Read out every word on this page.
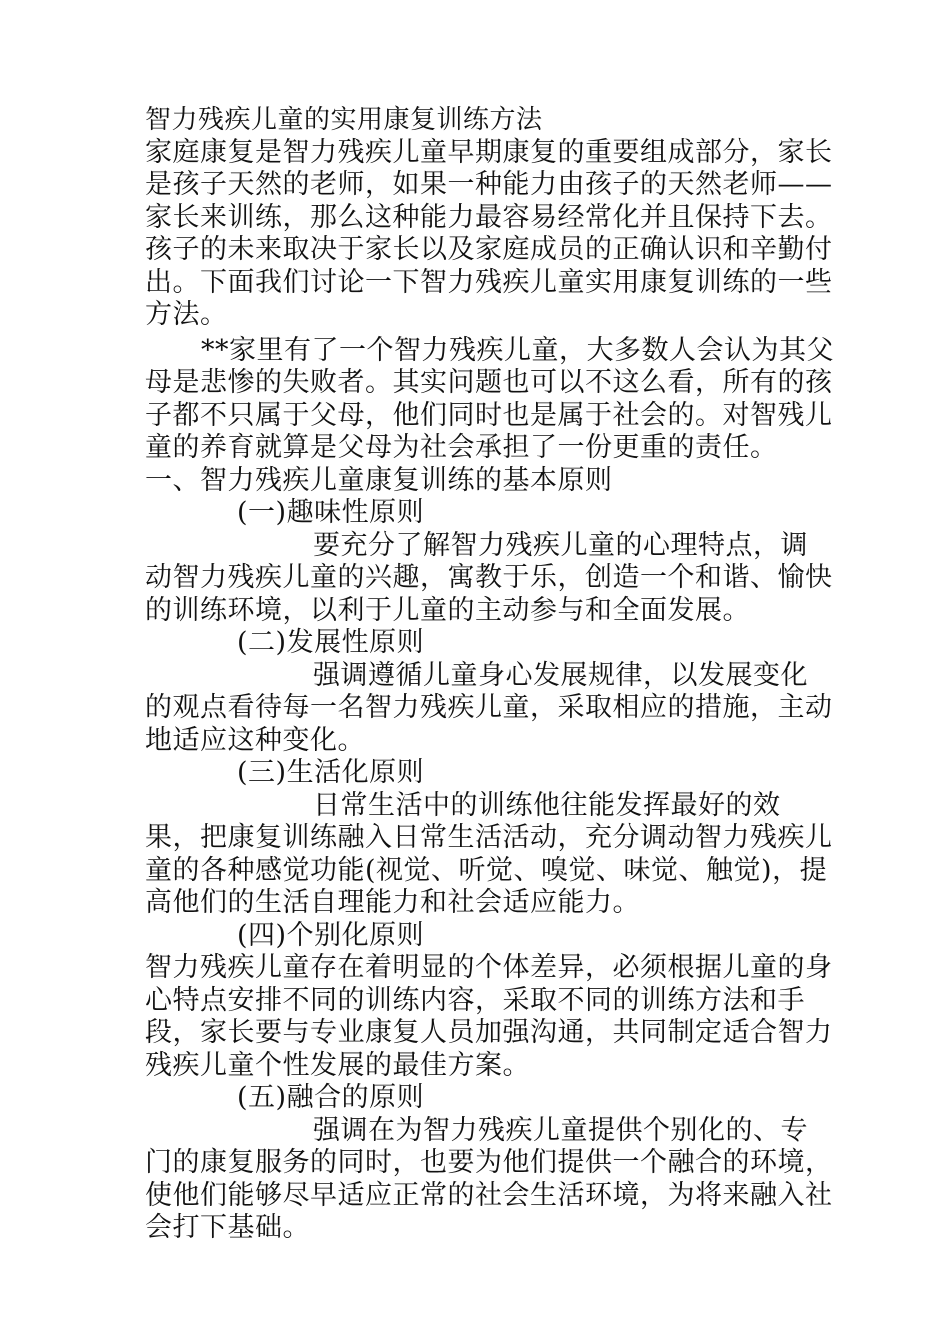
智力残疾儿童的实用康复训练方法

家庭康复是智力残疾儿童早期康复的重要组成部分，家长是孩子天然的老师，如果一种能力由孩子的天然老师——家长来训练，那么这种能力最容易经常化并且保持下去。孩子的未来取决于家长以及家庭成员的正确认识和辛勤付出。下面我们讨论一下智力残疾儿童实用康复训练的一些方法。

**家里有了一个智力残疾儿童，大多数人会认为其父母是悲惨的失败者。其实问题也可以不这么看，所有的孩子都不只属于父母，他们同时也是属于社会的。对智残儿童的养育就算是父母为社会承担了一份更重的责任。

一、智力残疾儿童康复训练的基本原则

(一)趣味性原则

要充分了解智力残疾儿童的心理特点，调动智力残疾儿童的兴趣，寓教于乐，创造一个和谐、愉快的训练环境，以利于儿童的主动参与和全面发展。

(二)发展性原则

强调遵循儿童身心发展规律，以发展变化的观点看待每一名智力残疾儿童，采取相应的措施，主动地适应这种变化。

(三)生活化原则

日常生活中的训练他往能发挥最好的效果，把康复训练融入日常生活活动，充分调动智力残疾儿童的各种感觉功能(视觉、听觉、嗅觉、味觉、触觉)，提高他们的生活自理能力和社会适应能力。

(四)个别化原则

智力残疾儿童存在着明显的个体差异，必须根据儿童的身心特点安排不同的训练内容，采取不同的训练方法和手段，家长要与专业康复人员加强沟通，共同制定适合智力残疾儿童个性发展的最佳方案。

(五)融合的原则

强调在为智力残疾儿童提供个别化的、专门的康复服务的同时，也要为他们提供一个融合的环境，使他们能够尽早适应正常的社会生活环境，为将来融入社会打下基础。
